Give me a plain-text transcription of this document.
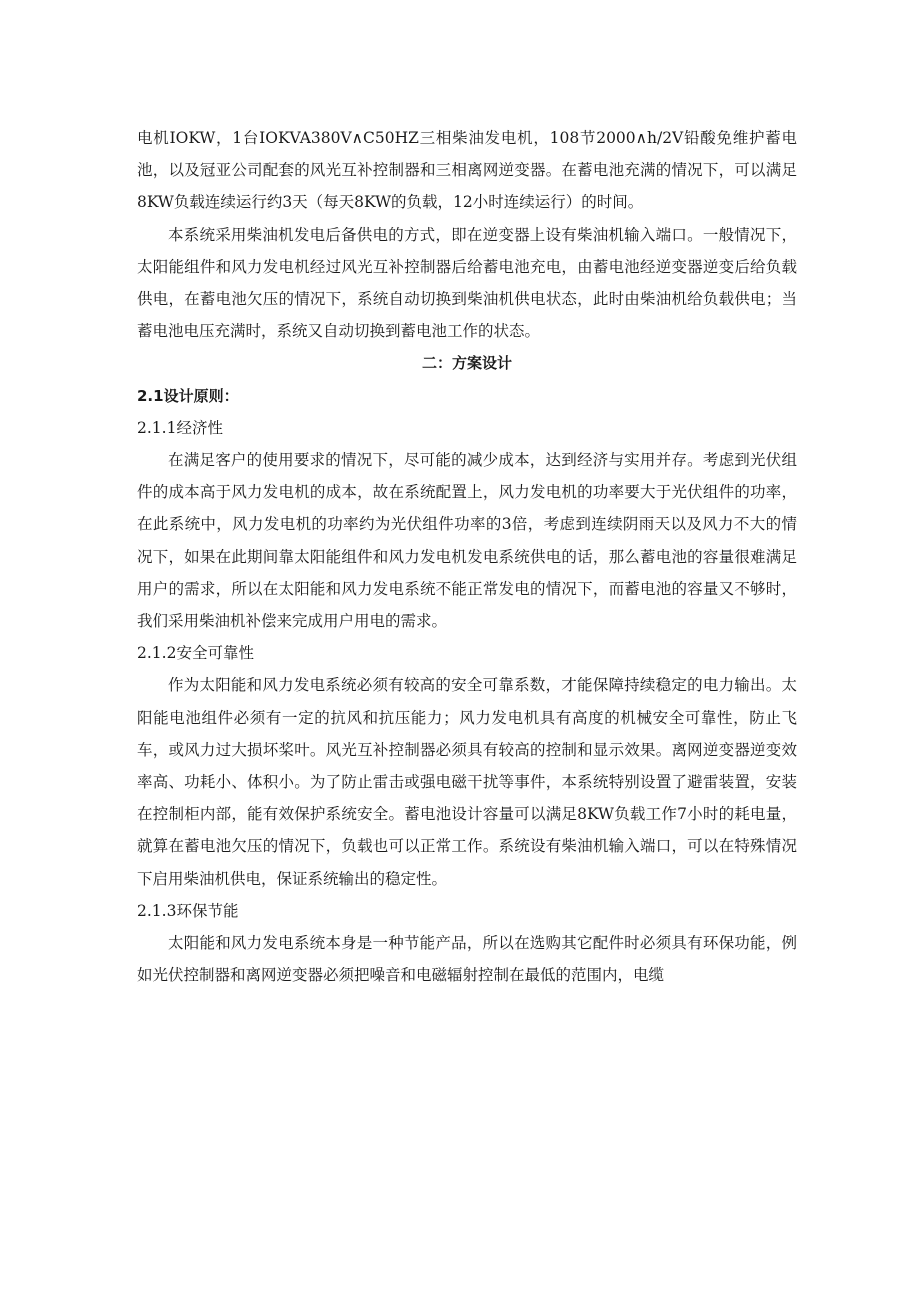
电机IOKW，1台IOKVA380V∧C50HZ三相柴油发电机，108节2000∧h/2V铅酸免维护蓄电池，以及冠亚公司配套的风光互补控制器和三相离网逆变器。在蓄电池充满的情况下，可以满足8KW负载连续运行约3天（每天8KW的负载，12小时连续运行）的时间。

本系统采用柴油机发电后备供电的方式，即在逆变器上设有柴油机输入端口。一般情况下，太阳能组件和风力发电机经过风光互补控制器后给蓄电池充电，由蓄电池经逆变器逆变后给负载供电，在蓄电池欠压的情况下，系统自动切换到柴油机供电状态，此时由柴油机给负载供电；当蓄电池电压充满时，系统又自动切换到蓄电池工作的状态。

二：方案设计

2.1设计原则：

2.1.1经济性

在满足客户的使用要求的情况下，尽可能的减少成本，达到经济与实用并存。考虑到光伏组件的成本高于风力发电机的成本，故在系统配置上，风力发电机的功率要大于光伏组件的功率，在此系统中，风力发电机的功率约为光伏组件功率的3倍，考虑到连续阴雨天以及风力不大的情况下，如果在此期间靠太阳能组件和风力发电机发电系统供电的话，那么蓄电池的容量很难满足用户的需求，所以在太阳能和风力发电系统不能正常发电的情况下，而蓄电池的容量又不够时，我们采用柴油机补偿来完成用户用电的需求。

2.1.2安全可靠性

作为太阳能和风力发电系统必须有较高的安全可靠系数，才能保障持续稳定的电力输出。太阳能电池组件必须有一定的抗风和抗压能力；风力发电机具有高度的机械安全可靠性，防止飞车，或风力过大损坏桨叶。风光互补控制器必须具有较高的控制和显示效果。离网逆变器逆变效率高、功耗小、体积小。为了防止雷击或强电磁干扰等事件，本系统特别设置了避雷装置，安装在控制柜内部，能有效保护系统安全。蓄电池设计容量可以满足8KW负载工作7小时的耗电量，就算在蓄电池欠压的情况下，负载也可以正常工作。系统设有柴油机输入端口，可以在特殊情况下启用柴油机供电，保证系统输出的稳定性。

2.1.3环保节能

太阳能和风力发电系统本身是一种节能产品，所以在选购其它配件时必须具有环保功能，例如光伏控制器和离网逆变器必须把噪音和电磁辐射控制在最低的范围内，电缆
